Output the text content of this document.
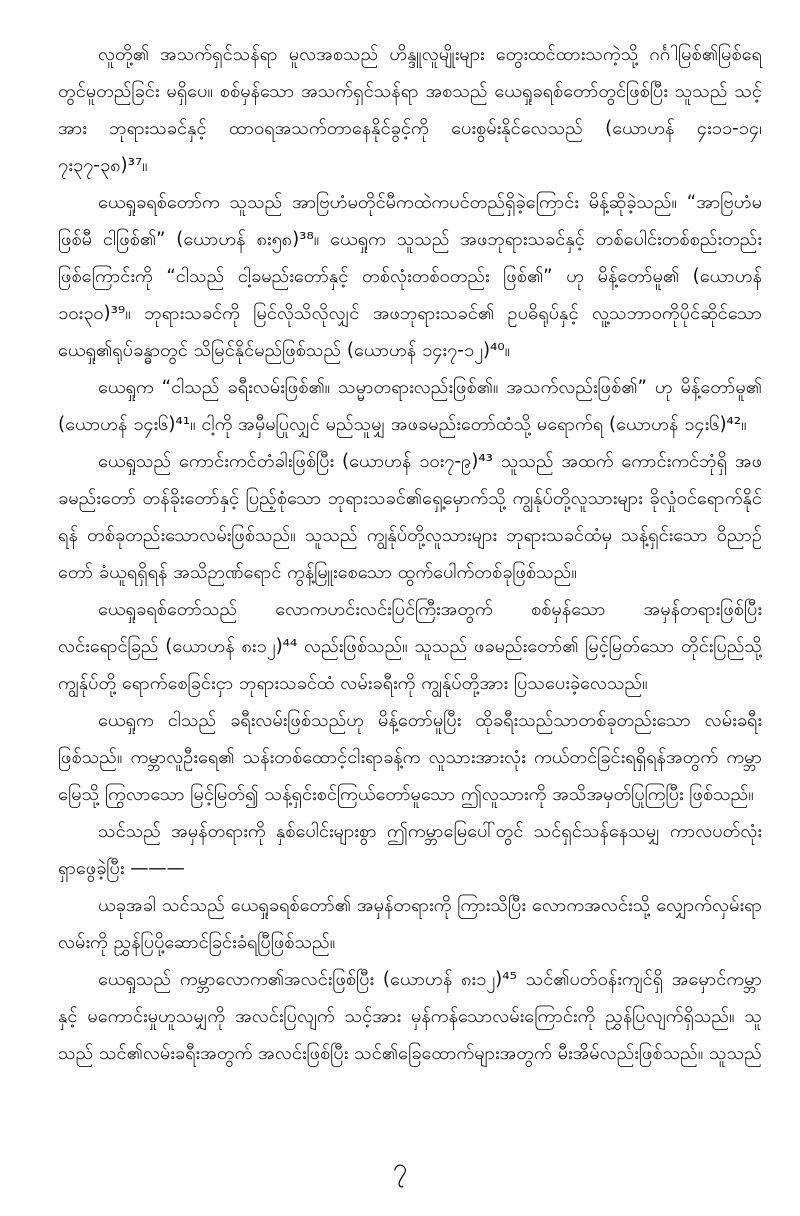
လူတို့၏ အသက်ရှင်သန်ရာ မူလအစသည် ဟိန္ဒူလူမျိုးများ တွေးထင်ထားသကဲ့သို့ ဂင်္ဂါမြစ်၏မြစ်ရေတွင်မူတည်ခြင်း မရှိပေ။ စစ်မှန်သော အသက်ရှင်သန်ရာ အစသည် ယေရှုခရစ်တော်တွင်ဖြစ်ပြီး သူသည် သင့်အား ဘုရားသခင်နှင့် ထာဝရအသက်တာနေနိုင်ခွင့်ကို ပေးစွမ်းနိုင်လေသည် (ယောဟန် ၄း၁၁-၁၄၊ ၇း၃၇-၃၈)³⁷။

ယေရှုခရစ်တော်က သူသည် အာဗြဟံမတိုင်မီကထဲကပင်တည်ရှိခဲ့ကြောင်း မိန့်ဆိုခဲ့သည်။ “အာဗြဟံမဖြစ်မီ ငါဖြစ်၏” (ယောဟန် ၈း၅၈)³⁸။ ယေရှုက သူသည် အဖဘုရားသခင်နှင့် တစ်ပေါင်းတစ်စည်းတည်းဖြစ်ကြောင်းကို “ငါသည် ငါ့ခမည်းတော်နှင့် တစ်လုံးတစ်ဝတည်း ဖြစ်၏” ဟု မိန့်တော်မူ၏ (ယောဟန် ၁၀း၃၀)³⁹။ ဘုရားသခင်ကို မြင်လိုသိလိုလျှင် အဖဘုရားသခင်၏ ဥပဓိရုပ်နှင့် လူ့သဘာဝကိုပိုင်ဆိုင်သော ယေရှု၏ရုပ်ခန္ဓာတွင် သိမြင်နိုင်မည်ဖြစ်သည် (ယောဟန် ၁၄း၇-၁၂)⁴⁰။

ယေရှုက “ငါသည် ခရီးလမ်းဖြစ်၏။ သမ္မာတရားလည်းဖြစ်၏။ အသက်လည်းဖြစ်၏” ဟု မိန့်တော်မူ၏ (ယောဟန် ၁၄း၆)⁴¹။ ငါ့ကို အမှီမပြုလျှင် မည်သူမျှ အဖခမည်းတော်ထံသို့ မရောက်ရ (ယောဟန် ၁၄း၆)⁴²။

ယေရှုသည် ကောင်းကင်တံခါးဖြစ်ပြီး (ယောဟန် ၁၀း၇-၉)⁴³ သူသည် အထက် ကောင်းကင်ဘုံရှိ အဖခမည်းတော် တန်ခိုးတော်နှင့် ပြည့်စုံသော ဘုရားသခင်၏ရှေ့မှောက်သို့ ကျွန်ုပ်တို့လူသားများ ခိုလှုံဝင်ရောက်နိုင်ရန် တစ်ခုတည်းသောလမ်းဖြစ်သည်။ သူသည် ကျွန်ုပ်တို့လူသားများ ဘုရားသခင်ထံမှ သန့်ရှင်းသော ဝိညာဉ်တော် ခံယူရရှိရန် အသိဉာဏ်ရောင် ကွန့်မြူးစေသော ထွက်ပေါက်တစ်ခုဖြစ်သည်။

ယေရှုခရစ်တော်သည် လောကဟင်းလင်းပြင်ကြီးအတွက် စစ်မှန်သော အမှန်တရားဖြစ်ပြီး လင်းရောင်ခြည် (ယောဟန် ၈း၁၂)⁴⁴ လည်းဖြစ်သည်။ သူသည် ဖခမည်းတော်၏ မြင့်မြတ်သော တိုင်းပြည်သို့ ကျွန်ုပ်တို့ ရောက်စေခြင်းငှာ ဘုရားသခင်ထံ လမ်းခရီးကို ကျွန်ုပ်တို့အား ပြသပေးခဲ့လေသည်။

ယေရှုက ငါသည် ခရီးလမ်းဖြစ်သည်ဟု မိန့်တော်မူပြီး ထိုခရီးသည်သာတစ်ခုတည်းသော လမ်းခရီးဖြစ်သည်။ ကမ္ဘာလူဦးရေ၏ သန်းတစ်ထောင့်ငါးရာခန့်က လူသားအားလုံး ကယ်တင်ခြင်းရရှိရန်အတွက် ကမ္ဘာမြေသို့ ကြွလာသော မြင့်မြတ်၍ သန့်ရှင်းစင်ကြယ်တော်မူသော ဤလူသားကို အသိအမှတ်ပြုကြပြီး ဖြစ်သည်။

သင်သည် အမှန်တရားကို နှစ်ပေါင်းများစွာ ဤကမ္ဘာမြေပေါ်တွင် သင်ရှင်သန်နေသမျှ ကာလပတ်လုံး ရှာဖွေခဲ့ပြီး ———

ယခုအခါ သင်သည် ယေရှုခရစ်တော်၏ အမှန်တရားကို ကြားသိပြီး လောကအလင်းသို့ လျှောက်လှမ်းရာလမ်းကို ညွှန်ပြပို့ဆောင်ခြင်းခံရပြီဖြစ်သည်။

ယေရှုသည် ကမ္ဘာလောက၏အလင်းဖြစ်ပြီး (ယောဟန် ၈း၁၂)⁴⁵ သင်၏ပတ်ဝန်းကျင်ရှိ အမှောင်ကမ္ဘာနှင့် မကောင်းမှုဟူသမျှကို အလင်းပြလျက် သင့်အား မှန်ကန်သောလမ်းကြောင်းကို ညွှန်ပြလျက်ရှိသည်။ သူသည် သင်၏လမ်းခရီးအတွက် အလင်းဖြစ်ပြီး သင်၏ခြေထောက်များအတွက် မီးအိမ်လည်းဖြစ်သည်။ သူသည်

၇
